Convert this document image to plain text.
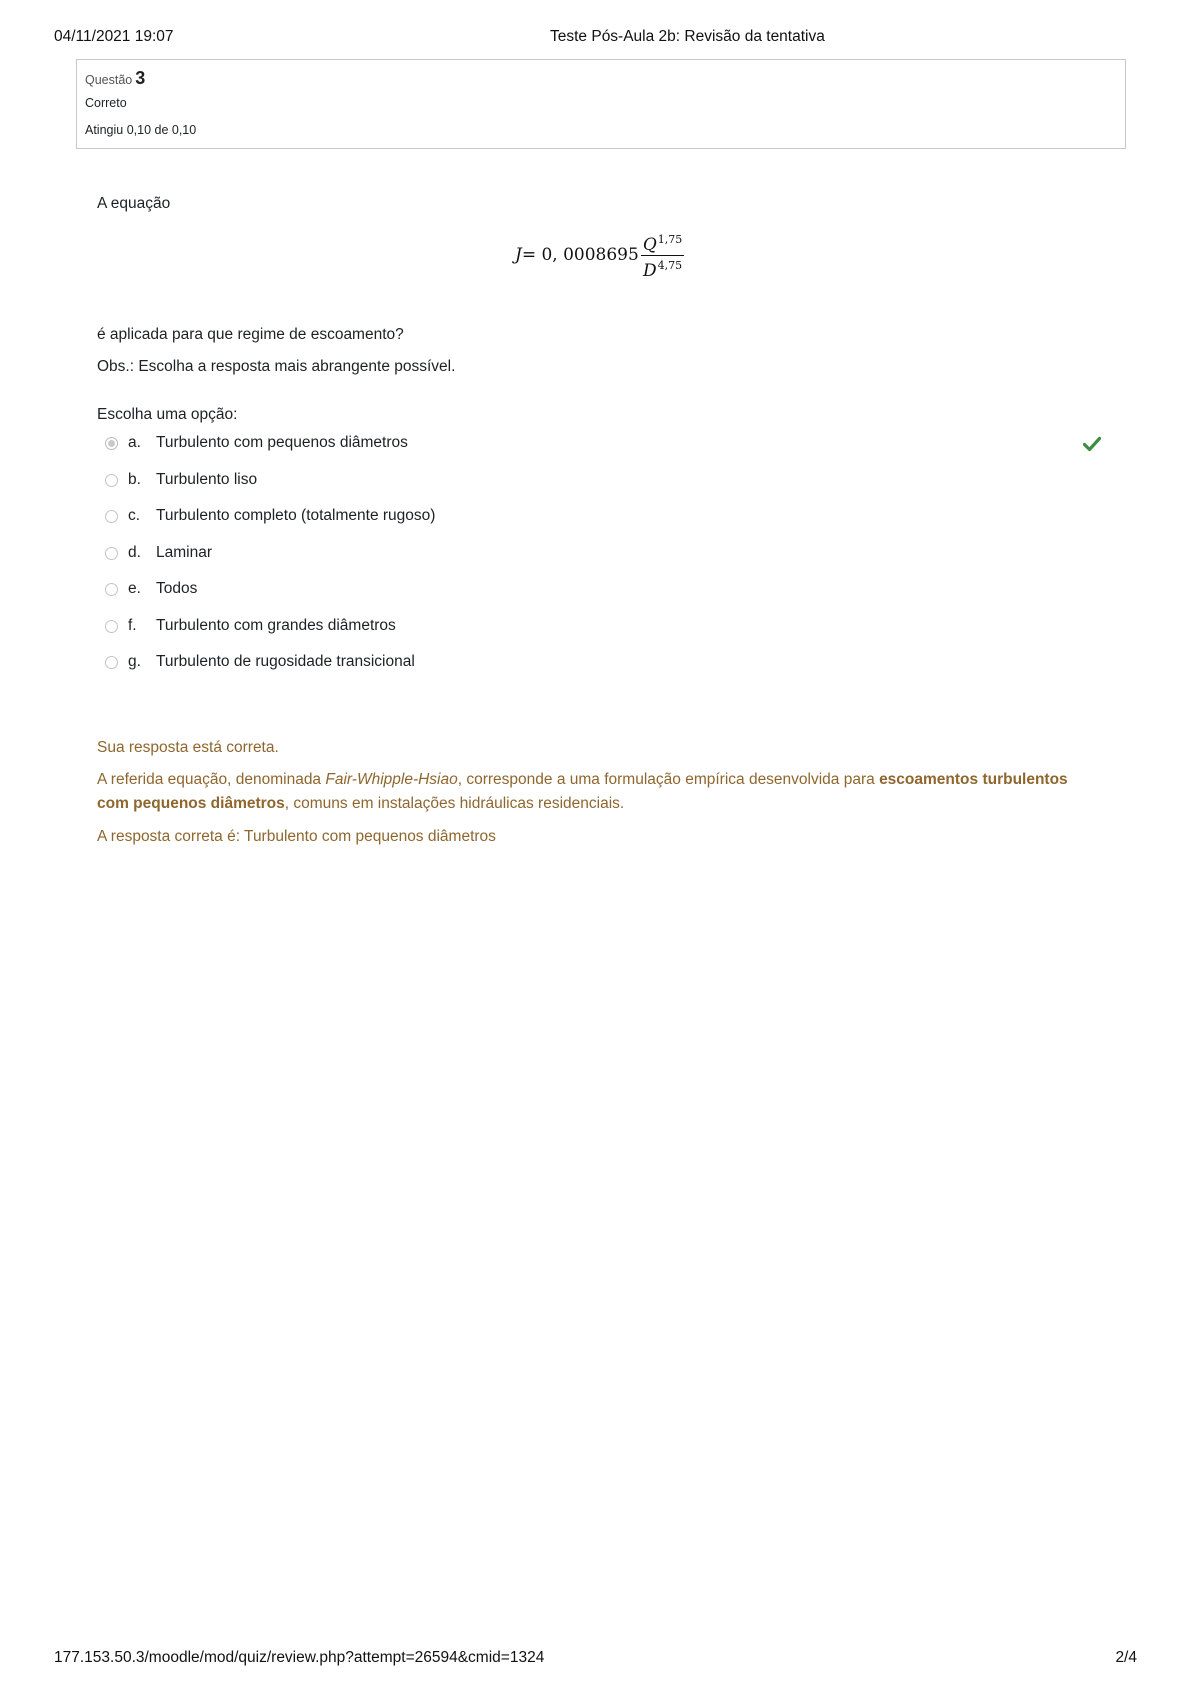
04/11/2021 19:07	Teste Pós-Aula 2b: Revisão da tentativa
Questão 3
Correto
Atingiu 0,10 de 0,10
A equação
J = 0, $0008695 \frac{Q^{1,75}}{D^{4,75}}$
é aplicada para que regime de escoamento?
Obs.: Escolha a resposta mais abrangente possível.
Escolha uma opção:
a. Turbulento com pequenos diâmetros
b. Turbulento liso
c.	Turbulento completo (totalmente rugoso)
d. Laminar
e. Todos
f.	Turbulento com grandes diâmetros
g. Turbulento de rugosidade transicional
Sua resposta está correta.
A referida equação, denominada Fair-Whipple-Hsiao, corresponde a uma formulação empírica desenvolvida para escoamentos turbulentos
com pequenos diâmetros, comuns em instalações hidráulicas residenciais.
A resposta correta é: Turbulento com pequenos diâmetros
177.153.50.3/moodle/mod/quiz/review.php?attempt=26594&cmid=1324	2/4
